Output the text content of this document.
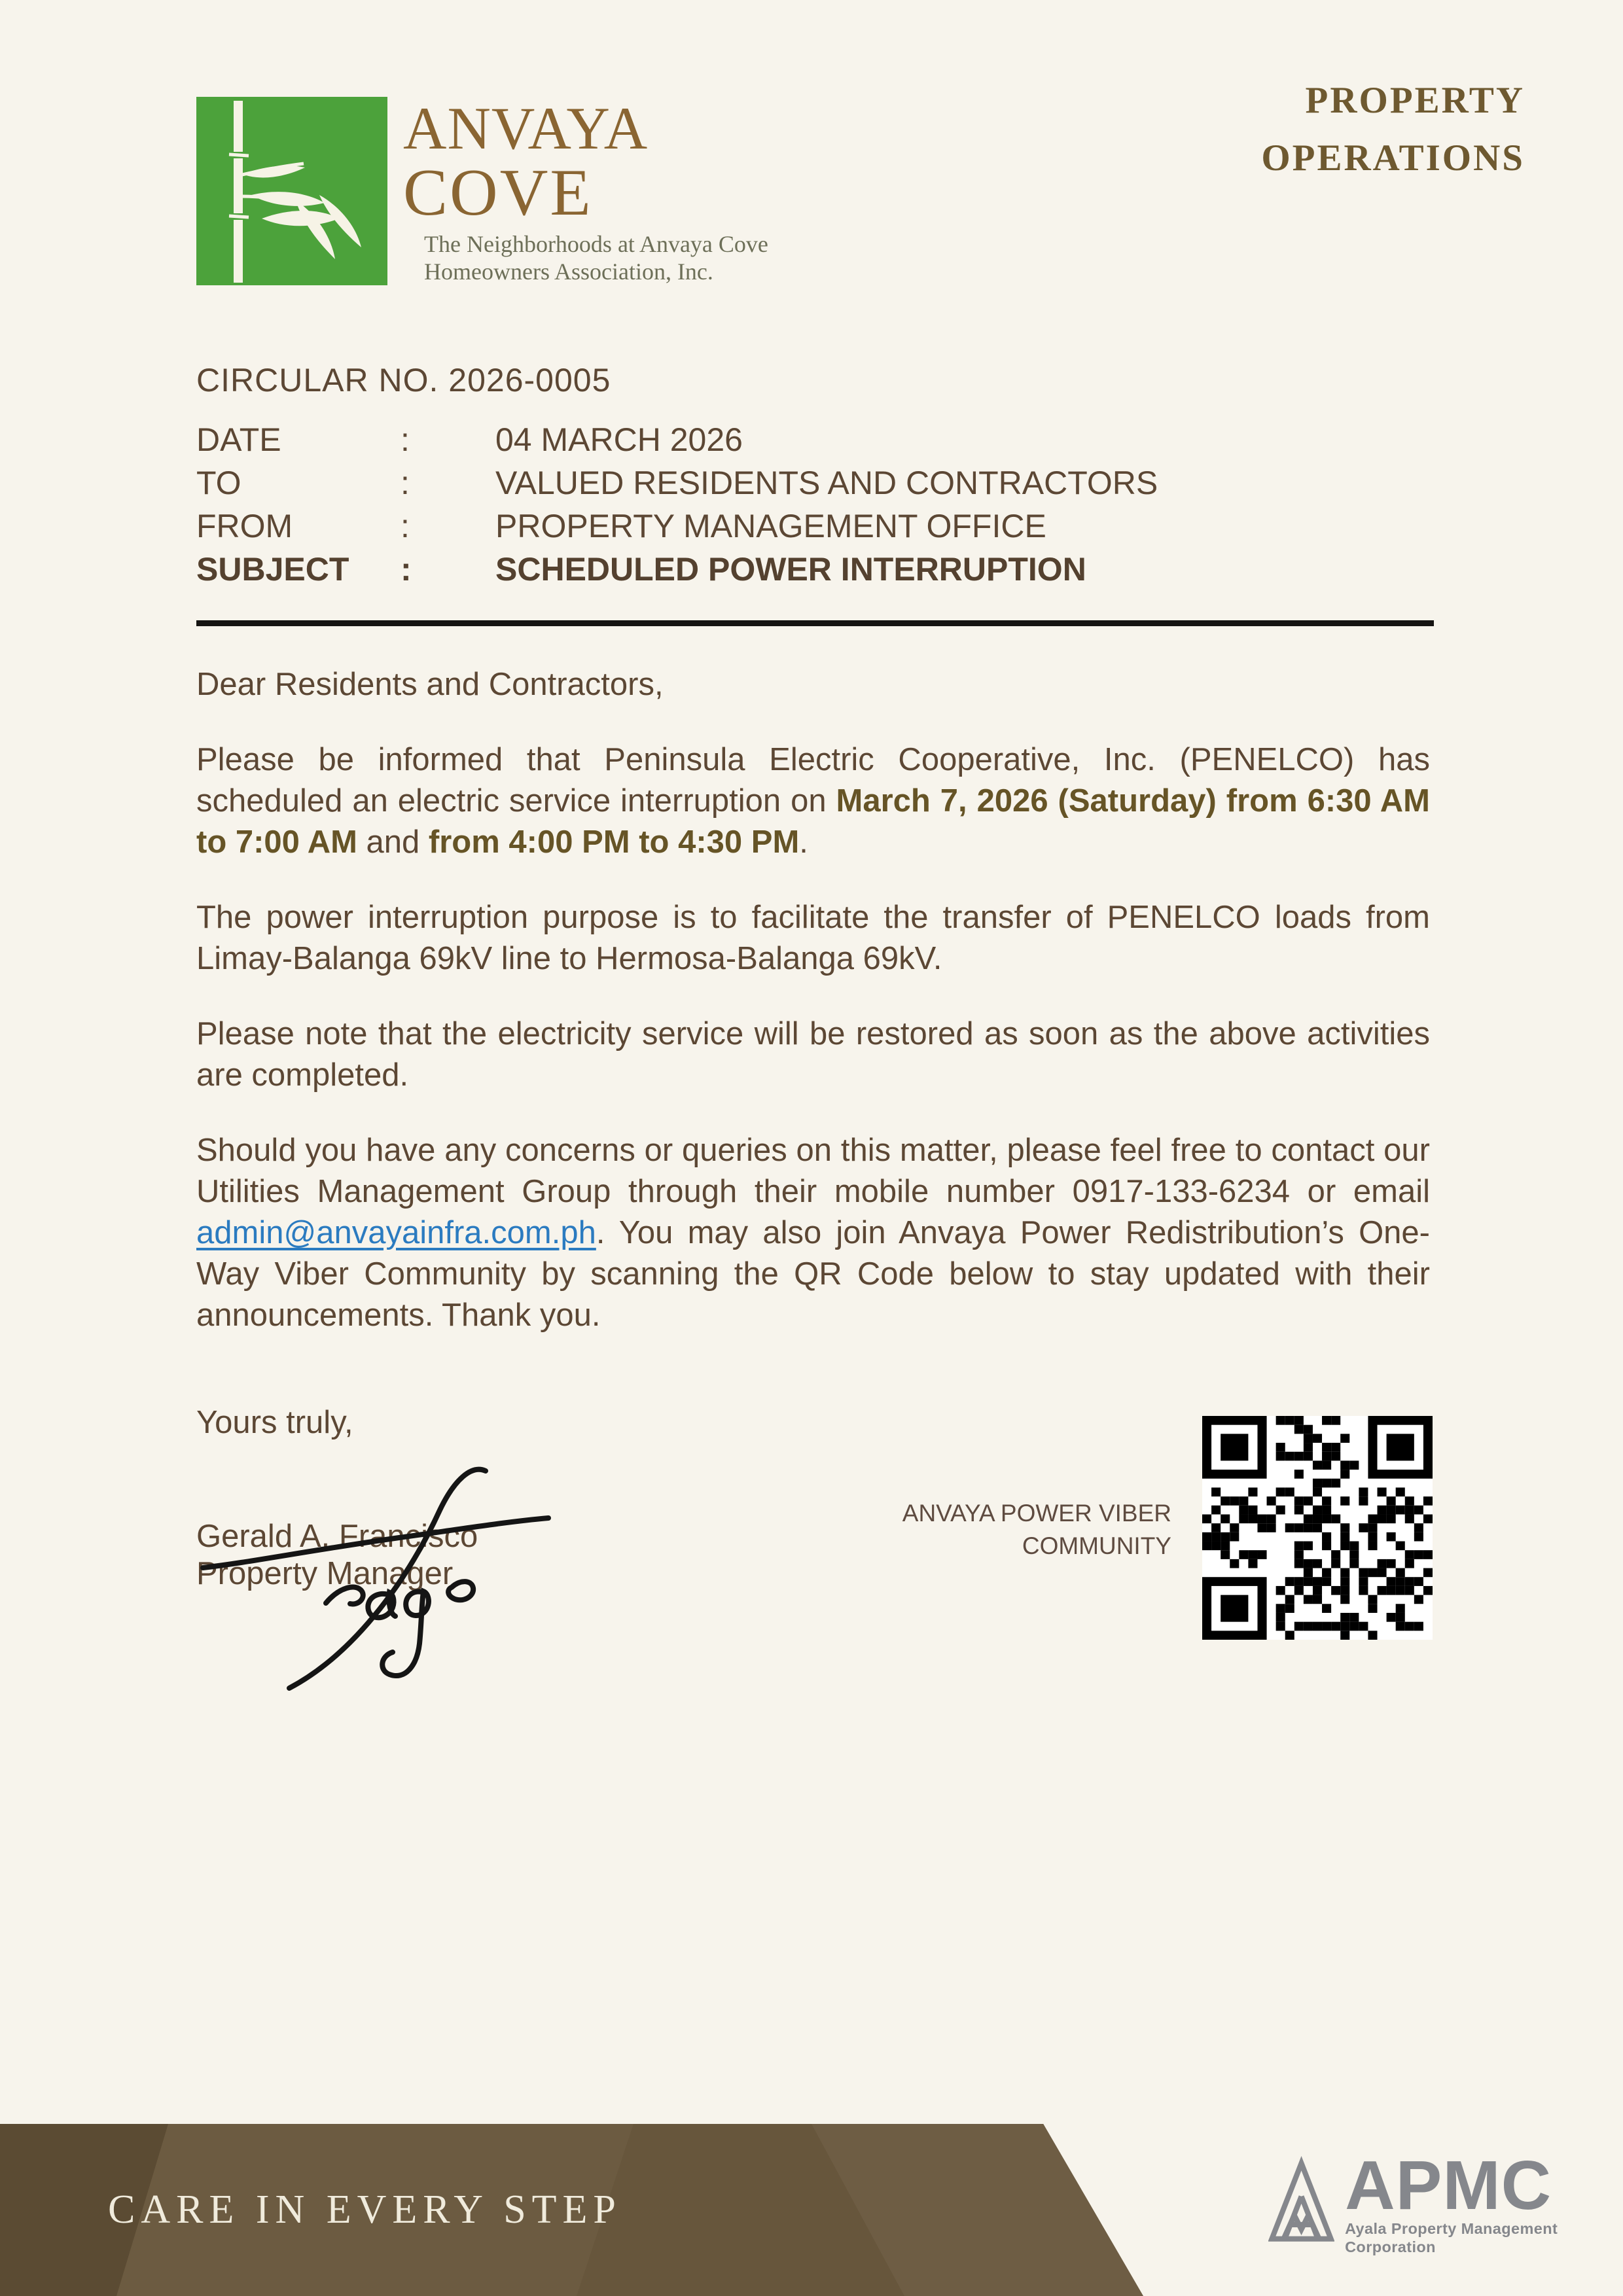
ANVAYA
COVE
The Neighborhoods at Anvaya Cove
Homeowners Association, Inc.
PROPERTY
OPERATIONS
CIRCULAR NO. 2026-0005
DATE	:	04 MARCH 2026
TO	:	VALUED RESIDENTS AND CONTRACTORS
FROM	:	PROPERTY MANAGEMENT OFFICE
SUBJECT	:	SCHEDULED POWER INTERRUPTION

Dear Residents and Contractors,

Please be informed that Peninsula Electric Cooperative, Inc. (PENELCO) has scheduled an electric service interruption on March 7, 2026 (Saturday) from 6:30 AM to 7:00 AM and from 4:00 PM to 4:30 PM.

The power interruption purpose is to facilitate the transfer of PENELCO loads from Limay-Balanga 69kV line to Hermosa-Balanga 69kV.

Please note that the electricity service will be restored as soon as the above activities are completed.

Should you have any concerns or queries on this matter, please feel free to contact our Utilities Management Group through their mobile number 0917-133-6234 or email admin@anvayainfra.com.ph. You may also join Anvaya Power Redistribution’s One-Way Viber Community by scanning the QR Code below to stay updated with their announcements. Thank you.

Yours truly,
Gerald A. Francisco
Property Manager
ANVAYA POWER VIBER
COMMUNITY
CARE IN EVERY STEP	APMC
Ayala Property Management Corporation
